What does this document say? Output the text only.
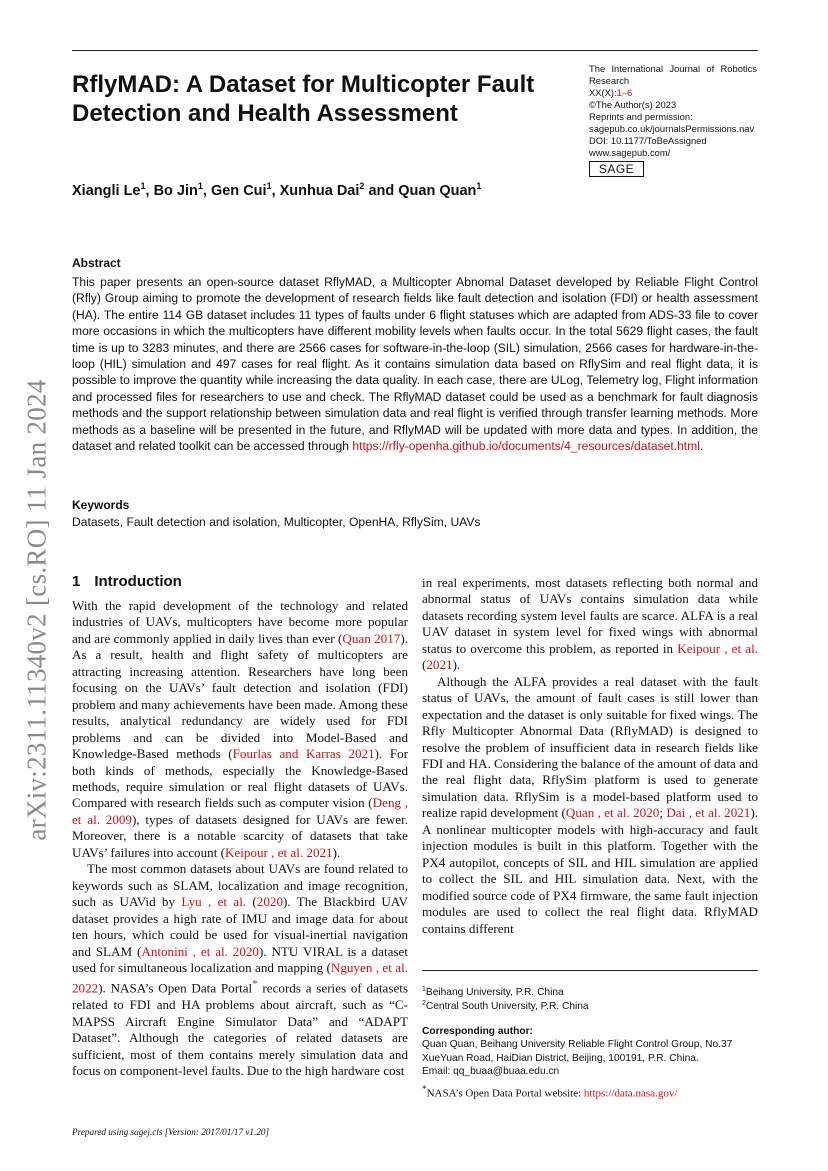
arXiv:2311.11340v2 [cs.RO] 11 Jan 2024
RflyMAD: A Dataset for Multicopter Fault Detection and Health Assessment
The International Journal of Robotics Research
XX(X):1–6
©The Author(s) 2023
Reprints and permission:
sagepub.co.uk/journalsPermissions.nav
DOI: 10.1177/ToBeAssigned
www.sagepub.com/
SAGE
Xiangli Le$^1$, Bo Jin$^1$, Gen Cui$^1$, Xunhua Dai$^2$ and Quan Quan$^1$
Abstract

This paper presents an open-source dataset RflyMAD, a Multicopter Abnomal Dataset developed by Reliable Flight Control (Rfly) Group aiming to promote the development of research fields like fault detection and isolation (FDI) or health assessment (HA). The entire 114 GB dataset includes 11 types of faults under 6 flight statuses which are adapted from ADS-33 file to cover more occasions in which the multicopters have different mobility levels when faults occur. In the total 5629 flight cases, the fault time is up to 3283 minutes, and there are 2566 cases for software-in-the-loop (SIL) simulation, 2566 cases for hardware-in-the-loop (HIL) simulation and 497 cases for real flight. As it contains simulation data based on RflySim and real flight data, it is possible to improve the quantity while increasing the data quality. In each case, there are ULog, Telemetry log, Flight information and processed files for researchers to use and check. The RflyMAD dataset could be used as a benchmark for fault diagnosis methods and the support relationship between simulation data and real flight is verified through transfer learning methods. More methods as a baseline will be presented in the future, and RflyMAD will be updated with more data and types. In addition, the dataset and related toolkit can be accessed through https://rfly-openha.github.io/documents/4_resources/dataset.html.

Keywords
Datasets, Fault detection and isolation, Multicopter, OpenHA, RflySim, UAVs
1 Introduction

With the rapid development of the technology and related industries of UAVs, multicopters have become more popular and are commonly applied in daily lives than ever (Quan 2017). As a result, health and flight safety of multicopters are attracting increasing attention. Researchers have long been focusing on the UAVs’ fault detection and isolation (FDI) problem and many achievements have been made. Among these results, analytical redundancy are widely used for FDI problems and can be divided into Model-Based and Knowledge-Based methods (Fourlas and Karras 2021). For both kinds of methods, especially the Knowledge-Based methods, require simulation or real flight datasets of UAVs. Compared with research fields such as computer vision (Deng , et al. 2009), types of datasets designed for UAVs are fewer. Moreover, there is a notable scarcity of datasets that take UAVs’ failures into account (Keipour , et al. 2021).

The most common datasets about UAVs are found related to keywords such as SLAM, localization and image recognition, such as UAVid by Lyu , et al. (2020). The Blackbird UAV dataset provides a high rate of IMU and image data for about ten hours, which could be used for visual-inertial navigation and SLAM (Antonini , et al. 2020). NTU VIRAL is a dataset used for simultaneous localization and mapping (Nguyen , et al. 2022). NASA’s Open Data Portal* records a series of datasets related to FDI and HA problems about aircraft, such as “C-MAPSS Aircraft Engine Simulator Data” and “ADAPT Dataset”. Although the categories of related datasets are sufficient, most of them contains merely simulation data and focus on component-level faults. Due to the high hardware cost

in real experiments, most datasets reflecting both normal and abnormal status of UAVs contains simulation data while datasets recording system level faults are scarce. ALFA is a real UAV dataset in system level for fixed wings with abnormal status to overcome this problem, as reported in Keipour , et al. (2021).

Although the ALFA provides a real dataset with the fault status of UAVs, the amount of fault cases is still lower than expectation and the dataset is only suitable for fixed wings. The Rfly Multicopter Abnormal Data (RflyMAD) is designed to resolve the problem of insufficient data in research fields like FDI and HA. Considering the balance of the amount of data and the real flight data, RflySim platform is used to generate simulation data. RflySim is a model-based platform used to realize rapid development (Quan , et al. 2020; Dai , et al. 2021). A nonlinear multicopter models with high-accuracy and fault injection modules is built in this platform. Together with the PX4 autopilot, concepts of SIL and HIL simulation are applied to collect the SIL and HIL simulation data. Next, with the modified source code of PX4 firmware, the same fault injection modules are used to collect the real flight data. RflyMAD contains different

$^1$Beihang University, P.R. China
$^2$Central South University, P.R. China
Corresponding author:
Quan Quan, Beihang University Reliable Flight Control Group, No.37 XueYuan Road, HaiDian District, Beijing, 100191, P.R. China.
Email: qq_buaa@buaa.edu.cn
*NASA’s Open Data Portal website: https://data.nasa.gov/
Prepared using sagej.cls [Version: 2017/01/17 v1.20]
